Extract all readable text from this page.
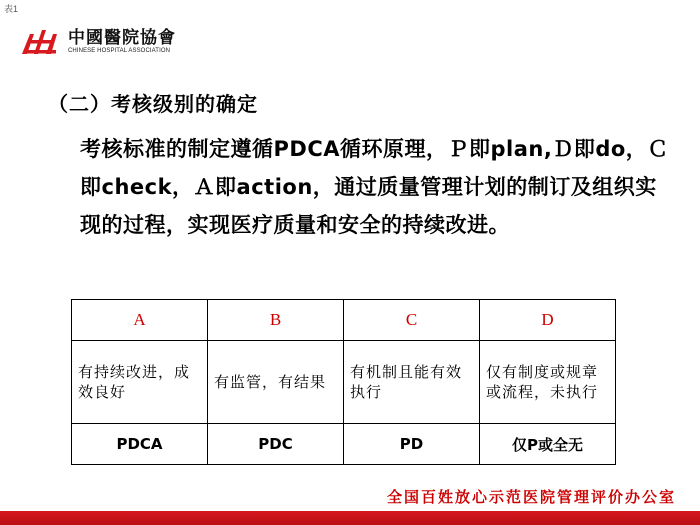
表1
中國醫院協會
CHINESE HOSPITAL ASSOCIATION
（二）考核级别的确定
考核标准的制定遵循PDCA循环原理，Ｐ即plan,Ｄ即do，Ｃ即check，Ａ即action，通过质量管理计划的制订及组织实现的过程，实现医疗质量和安全的持续改进。
A	B	C	D
有持续改进，成效良好	有监管，有结果	有机制且能有效执行	仅有制度或规章或流程，未执行
PDCA	PDC	PD	仅P或全无
全国百姓放心示范医院管理评价办公室
